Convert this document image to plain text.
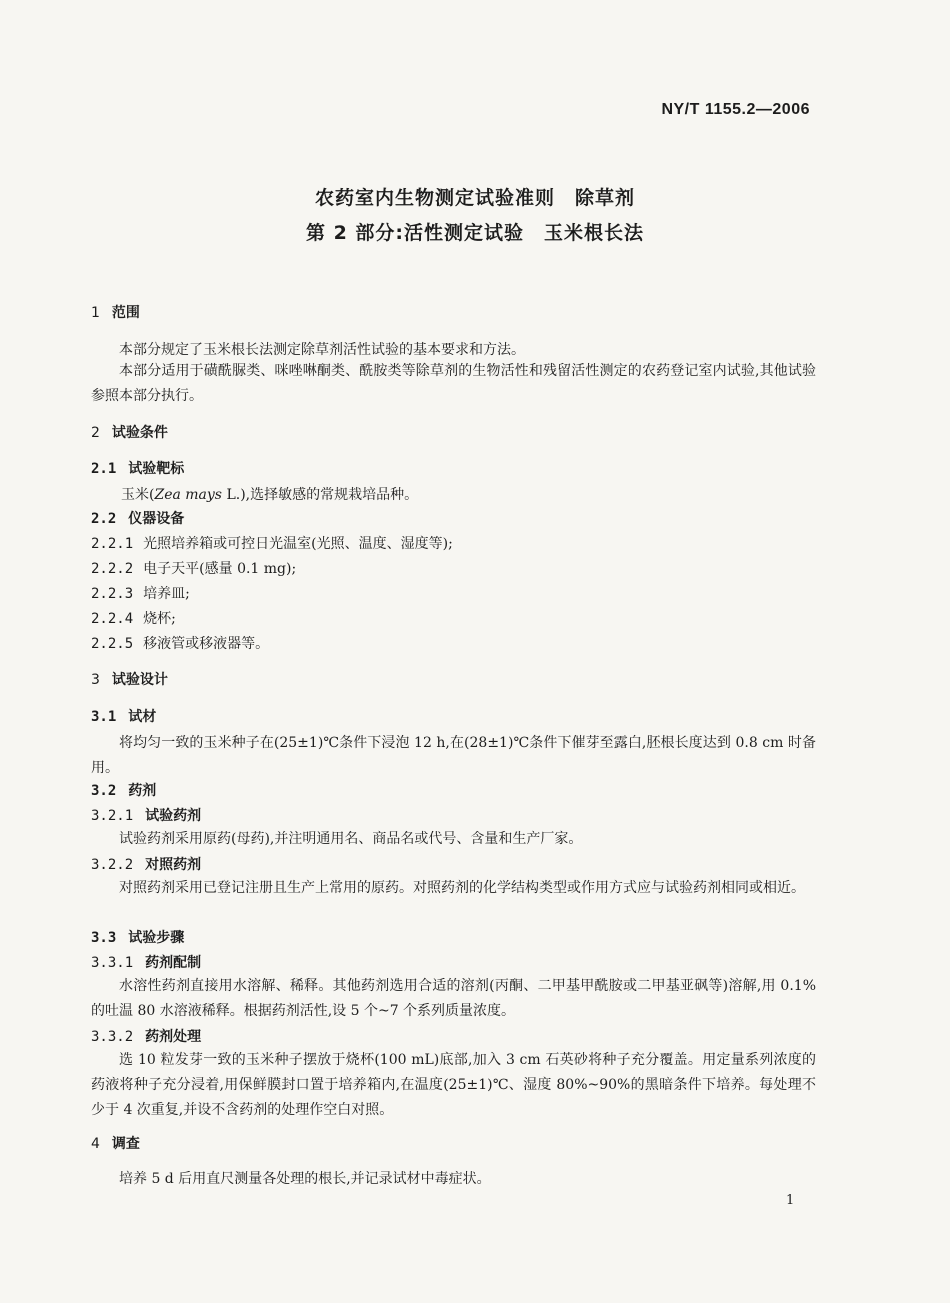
NY/T 1155.2—2006
农药室内生物测定试验准则　除草剂
第 2 部分:活性测定试验　玉米根长法
1 范围
本部分规定了玉米根长法测定除草剂活性试验的基本要求和方法。
本部分适用于磺酰脲类、咪唑啉酮类、酰胺类等除草剂的生物活性和残留活性测定的农药登记室内试验,其他试验参照本部分执行。
2 试验条件
2.1 试验靶标
玉米(Zea mays L.),选择敏感的常规栽培品种。
2.2 仪器设备
2.2.1 光照培养箱或可控日光温室(光照、温度、湿度等);
2.2.2 电子天平(感量 0.1 mg);
2.2.3 培养皿;
2.2.4 烧杯;
2.2.5 移液管或移液器等。
3 试验设计
3.1 试材
将均匀一致的玉米种子在(25±1)℃条件下浸泡 12 h,在(28±1)℃条件下催芽至露白,胚根长度达到 0.8 cm 时备用。
3.2 药剂
3.2.1 试验药剂
试验药剂采用原药(母药),并注明通用名、商品名或代号、含量和生产厂家。
3.2.2 对照药剂
对照药剂采用已登记注册且生产上常用的原药。对照药剂的化学结构类型或作用方式应与试验药剂相同或相近。
3.3 试验步骤
3.3.1 药剂配制
水溶性药剂直接用水溶解、稀释。其他药剂选用合适的溶剂(丙酮、二甲基甲酰胺或二甲基亚砜等)溶解,用 0.1%的吐温 80 水溶液稀释。根据药剂活性,设 5 个~7 个系列质量浓度。
3.3.2 药剂处理
选 10 粒发芽一致的玉米种子摆放于烧杯(100 mL)底部,加入 3 cm 石英砂将种子充分覆盖。用定量系列浓度的药液将种子充分浸着,用保鲜膜封口置于培养箱内,在温度(25±1)℃、湿度 80%~90%的黑暗条件下培养。每处理不少于 4 次重复,并设不含药剂的处理作空白对照。
4 调查
培养 5 d 后用直尺测量各处理的根长,并记录试材中毒症状。
1
